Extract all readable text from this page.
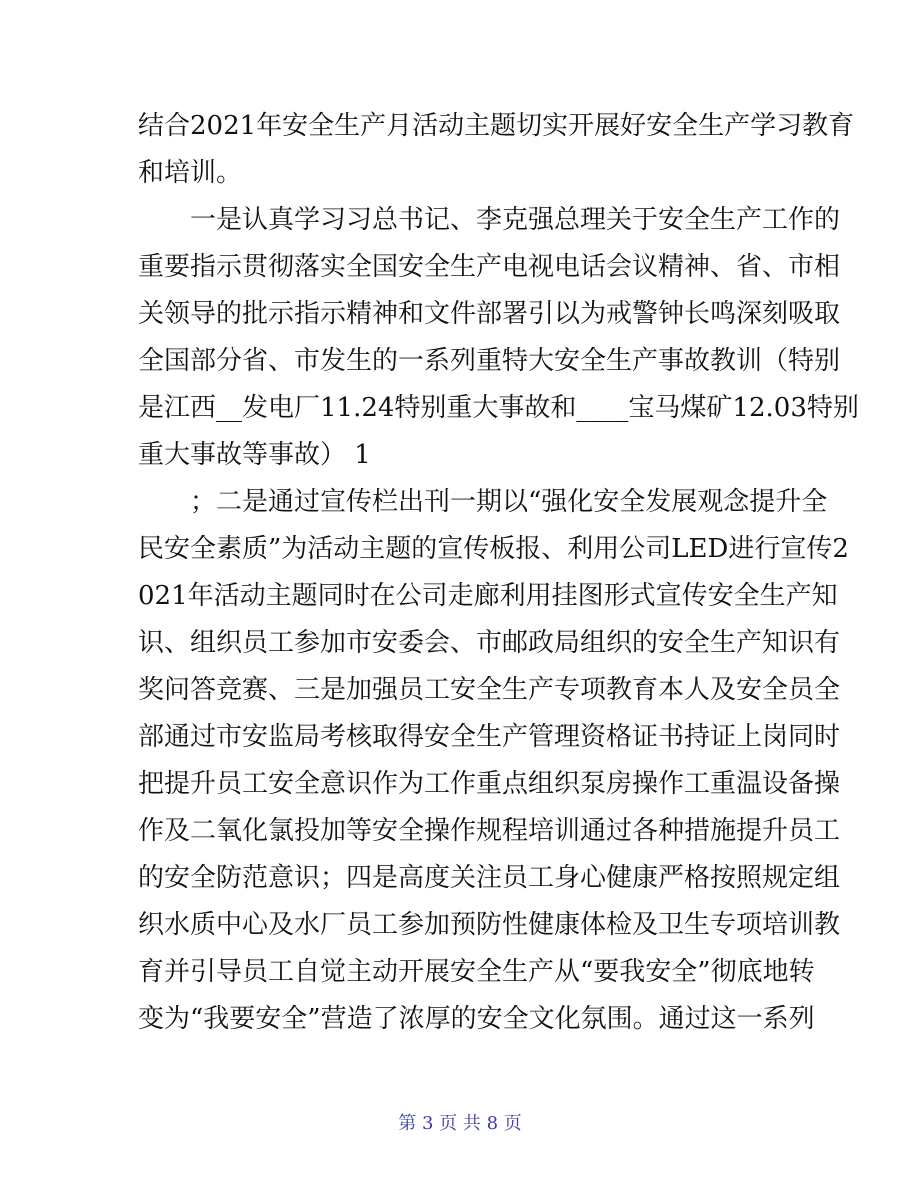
结合2021年安全生产月活动主题切实开展好安全生产学习教育
和培训。
一是认真学习习总书记、李克强总理关于安全生产工作的
重要指示贯彻落实全国安全生产电视电话会议精神、省、市相
关领导的批示指示精神和文件部署引以为戒警钟长鸣深刻吸取
全国部分省、市发生的一系列重特大安全生产事故教训（特别
是江西__发电厂11.24特别重大事故和____宝马煤矿12.03特别
重大事故等事故） 1
；二是通过宣传栏出刊一期以“强化安全发展观念提升全
民安全素质”为活动主题的宣传板报、利用公司LED进行宣传2
021年活动主题同时在公司走廊利用挂图形式宣传安全生产知
识、组织员工参加市安委会、市邮政局组织的安全生产知识有
奖问答竞赛、三是加强员工安全生产专项教育本人及安全员全
部通过市安监局考核取得安全生产管理资格证书持证上岗同时
把提升员工安全意识作为工作重点组织泵房操作工重温设备操
作及二氧化氯投加等安全操作规程培训通过各种措施提升员工
的安全防范意识；四是高度关注员工身心健康严格按照规定组
织水质中心及水厂员工参加预防性健康体检及卫生专项培训教
育并引导员工自觉主动开展安全生产从“要我安全”彻底地转
变为“我要安全”营造了浓厚的安全文化氛围。通过这一系列
第 3 页 共 8 页
